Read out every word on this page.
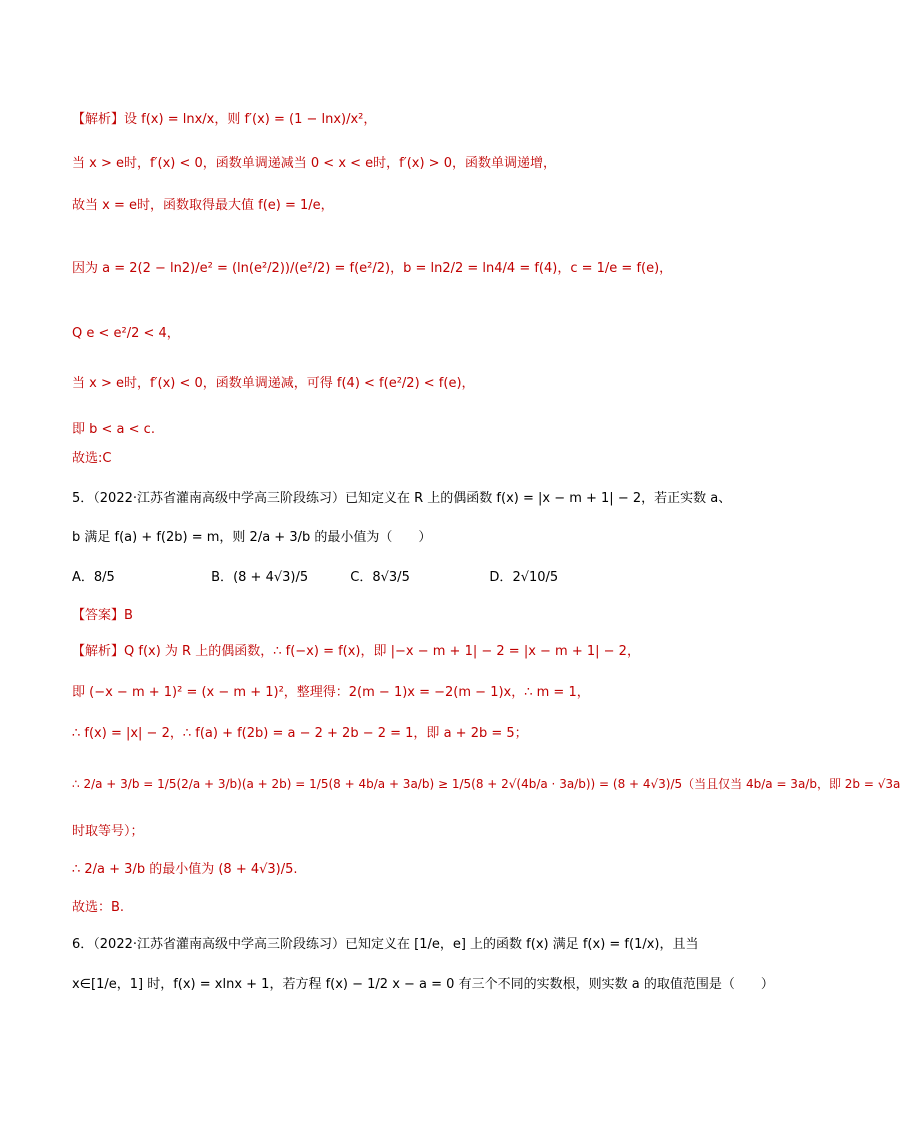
【解析】设 f(x) = lnx/x，则 f′(x) = (1 − lnx)/x²，
当 x > e时，f′(x) < 0，函数单调递减当 0 < x < e时，f′(x) > 0，函数单调递增，
故当 x = e时，函数取得最大值 f(e) = 1/e，
因为 a = 2(2 − ln2)/e² = (ln(e²/2))/(e²/2) = f(e²/2)，b = ln2/2 = ln4/4 = f(4)，c = 1/e = f(e)，
Q e < e²/2 < 4，
当 x > e时，f′(x) < 0，函数单调递减，可得 f(4) < f(e²/2) < f(e)，
即 b < a < c.
故选:C
5．（2022·江苏省灌南高级中学高三阶段练习）已知定义在 R 上的偶函数 f(x) = |x − m + 1| − 2，若正实数 a、
b 满足 f(a) + f(2b) = m，则 2/a + 3/b 的最小值为（　　）
A．8/5	B．(8 + 4√3)/5	C．8√3/5	D．2√10/5
【答案】B
【解析】Q f(x) 为 R 上的偶函数，∴ f(−x) = f(x)，即 |−x − m + 1| − 2 = |x − m + 1| − 2，
即 (−x − m + 1)² = (x − m + 1)²，整理得：2(m − 1)x = −2(m − 1)x，∴ m = 1，
∴ f(x) = |x| − 2，∴ f(a) + f(2b) = a − 2 + 2b − 2 = 1，即 a + 2b = 5；
∴ 2/a + 3/b = 1/5(2/a + 3/b)(a + 2b) = 1/5(8 + 4b/a + 3a/b) ≥ 1/5(8 + 2√(4b/a · 3a/b)) = (8 + 4√3)/5（当且仅当 4b/a = 3a/b，即 2b = √3a
时取等号）；
∴ 2/a + 3/b 的最小值为 (8 + 4√3)/5.
故选：B.
6．（2022·江苏省灌南高级中学高三阶段练习）已知定义在 [1/e，e] 上的函数 f(x) 满足 f(x) = f(1/x)，且当
x∈[1/e，1] 时，f(x) = xlnx + 1，若方程 f(x) − 1/2 x − a = 0 有三个不同的实数根，则实数 a 的取值范围是（　　）
